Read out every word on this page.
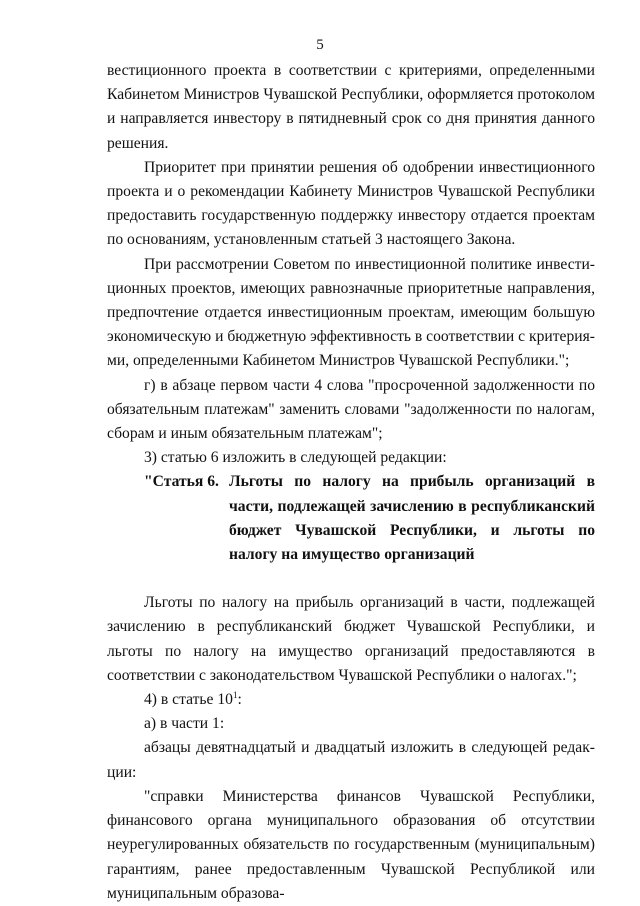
5

вестиционного проекта в соответствии с критериями, определенными Кабинетом Министров Чувашской Республики, оформляется протоколом и направляется инвестору в пятидневный срок со дня принятия данного решения.

Приоритет при принятии решения об одобрении инвестиционного проекта и о рекомендации Кабинету Министров Чувашской Республики предоставить государственную поддержку инвестору отдается проектам по основаниям, установленным статьей 3 настоящего Закона.

При рассмотрении Советом по инвестиционной политике инвестиционных проектов, имеющих равнозначные приоритетные направления, предпочтение отдается инвестиционным проектам, имеющим большую экономическую и бюджетную эффективность в соответствии с критериями, определенными Кабинетом Министров Чувашской Республики.";

г) в абзаце первом части 4 слова "просроченной задолженности по обязательным платежам" заменить словами "задолженности по налогам, сборам и иным обязательным платежам";

3) статью 6 изложить в следующей редакции:

"Статья 6. Льготы по налогу на прибыль организаций в части, подлежащей зачислению в республиканский бюджет Чувашской Республики, и льготы по налогу на имущество организаций

Льготы по налогу на прибыль организаций в части, подлежащей зачислению в республиканский бюджет Чувашской Республики, и льготы по налогу на имущество организаций предоставляются в соответствии с законодательством Чувашской Республики о налогах.";

4) в статье $10^1$:

а) в части 1:

абзацы девятнадцатый и двадцатый изложить в следующей редакции:

"справки Министерства финансов Чувашской Республики, финансового органа муниципального образования об отсутствии неурегулированных обязательств по государственным (муниципальным) гарантиям, ранее предоставленным Чувашской Республикой или муниципальным образова-
